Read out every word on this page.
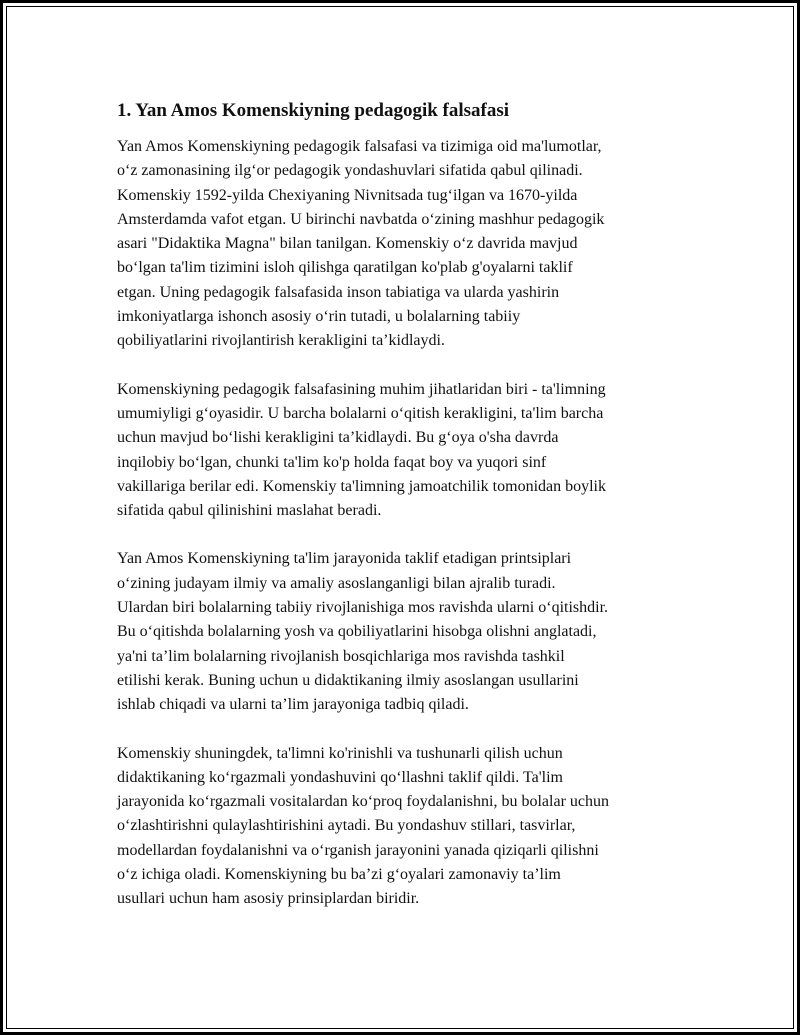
1. Yan Amos Komenskiyning pedagogik falsafasi

Yan Amos Komenskiyning pedagogik falsafasi va tizimiga oid ma'lumotlar,
o‘z zamonasining ilg‘or pedagogik yondashuvlari sifatida qabul qilinadi.
Komenskiy 1592-yilda Chexiyaning Nivnitsada tug‘ilgan va 1670-yilda
Amsterdamda vafot etgan. U birinchi navbatda o‘zining mashhur pedagogik
asari "Didaktika Magna" bilan tanilgan. Komenskiy o‘z davrida mavjud
bo‘lgan ta'lim tizimini isloh qilishga qaratilgan ko'plab g'oyalarni taklif
etgan. Uning pedagogik falsafasida inson tabiatiga va ularda yashirin
imkoniyatlarga ishonch asosiy o‘rin tutadi, u bolalarning tabiiy
qobiliyatlarini rivojlantirish kerakligini ta’kidlaydi.

Komenskiyning pedagogik falsafasining muhim jihatlaridan biri - ta'limning
umumiyligi g‘oyasidir. U barcha bolalarni o‘qitish kerakligini, ta'lim barcha
uchun mavjud bo‘lishi kerakligini ta’kidlaydi. Bu g‘oya o'sha davrda
inqilobiy bo‘lgan, chunki ta'lim ko'p holda faqat boy va yuqori sinf
vakillariga berilar edi. Komenskiy ta'limning jamoatchilik tomonidan boylik
sifatida qabul qilinishini maslahat beradi.

Yan Amos Komenskiyning ta'lim jarayonida taklif etadigan printsiplari
o‘zining judayam ilmiy va amaliy asoslanganligi bilan ajralib turadi.
Ulardan biri bolalarning tabiiy rivojlanishiga mos ravishda ularni o‘qitishdir.
Bu o‘qitishda bolalarning yosh va qobiliyatlarini hisobga olishni anglatadi,
ya'ni ta’lim bolalarning rivojlanish bosqichlariga mos ravishda tashkil
etilishi kerak. Buning uchun u didaktikaning ilmiy asoslangan usullarini
ishlab chiqadi va ularni ta’lim jarayoniga tadbiq qiladi.

Komenskiy shuningdek, ta'limni ko'rinishli va tushunarli qilish uchun
didaktikaning ko‘rgazmali yondashuvini qo‘llashni taklif qildi. Ta'lim
jarayonida ko‘rgazmali vositalardan ko‘proq foydalanishni, bu bolalar uchun
o‘zlashtirishni qulaylashtirishini aytadi. Bu yondashuv stillari, tasvirlar,
modellardan foydalanishni va o‘rganish jarayonini yanada qiziqarli qilishni
o‘z ichiga oladi. Komenskiyning bu ba’zi g‘oyalari zamonaviy ta’lim
usullari uchun ham asosiy prinsiplardan biridir.
